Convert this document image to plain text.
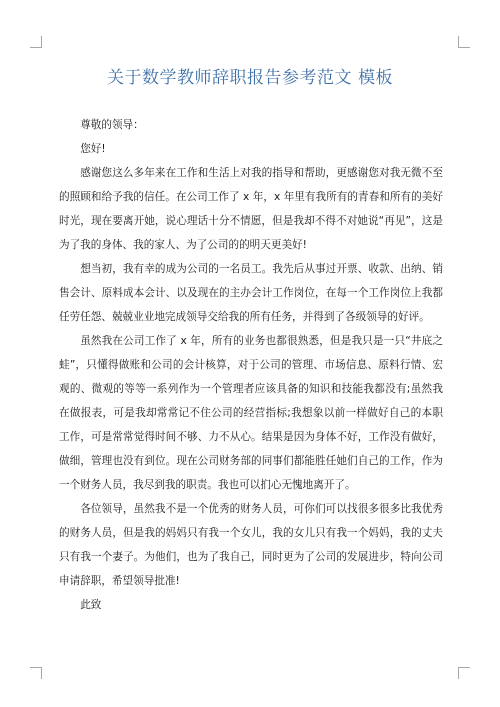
关于数学教师辞职报告参考范文 模板

尊敬的领导：

您好!

感谢您这么多年来在工作和生活上对我的指导和帮助，更感谢您对我无微不至的照顾和给予我的信任。在公司工作了 x 年，x 年里有我所有的青春和所有的美好时光，现在要离开她，说心理话十分不情愿，但是我却不得不对她说“再见”，这是为了我的身体、我的家人、为了公司的的明天更美好!

想当初，我有幸的成为公司的一名员工。我先后从事过开票、收款、出纳、销售会计、原料成本会计、以及现在的主办会计工作岗位，在每一个工作岗位上我都任劳任怨、兢兢业业地完成领导交给我的所有任务，并得到了各级领导的好评。

虽然我在公司工作了 x 年，所有的业务也都很熟悉，但是我只是一只“井底之蛙”，只懂得做账和公司的会计核算，对于公司的管理、市场信息、原料行情、宏观的、微观的等等一系列作为一个管理者应该具备的知识和技能我都没有;虽然我在做报表，可是我却常常记不住公司的经营指标;我想象以前一样做好自己的本职工作，可是常常觉得时间不够、力不从心。结果是因为身体不好，工作没有做好，做细，管理也没有到位。现在公司财务部的同事们都能胜任她们自己的工作，作为一个财务人员，我尽到我的职责。我也可以扪心无愧地离开了。

各位领导，虽然我不是一个优秀的财务人员，可你们可以找很多很多比我优秀的财务人员，但是我的妈妈只有我一个女儿，我的女儿只有我一个妈妈，我的丈夫只有我一个妻子。为他们，也为了我自己，同时更为了公司的发展进步，特向公司申请辞职，希望领导批准!

此致
